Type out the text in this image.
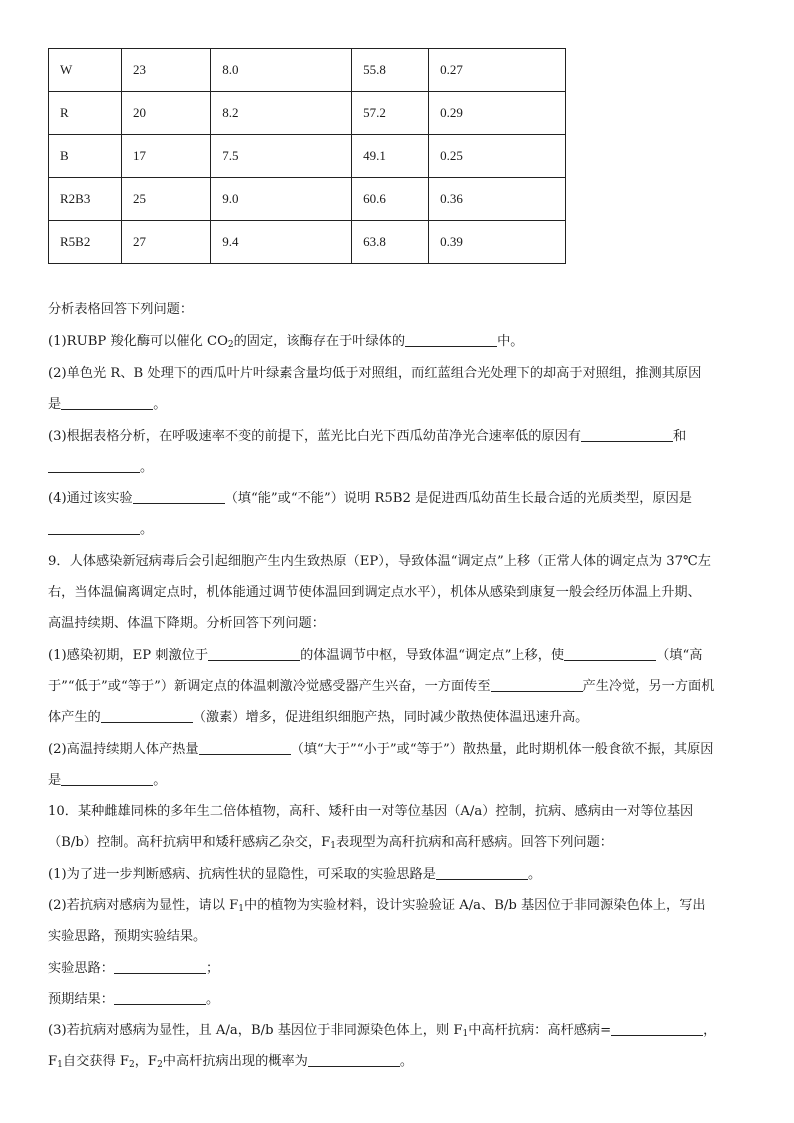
W	23	8.0	55.8	0.27
R	20	8.2	57.2	0.29
B	17	7.5	49.1	0.25
R2B3	25	9.0	60.6	0.36
R5B2	27	9.4	63.8	0.39
分析表格回答下列问题：
(1)RUBP 羧化酶可以催化 $CO_2$的固定，该酶存在于叶绿体的	中。
(2)单色光 R、B 处理下的西瓜叶片叶绿素含量均低于对照组，而红蓝组合光处理下的却高于对照组，推测其原因
是	。
(3)根据表格分析，在呼吸速率不变的前提下，蓝光比白光下西瓜幼苗净光合速率低的原因有	和
。
(4)通过该实验	（填“能”或“不能”）说明 R5B2 是促进西瓜幼苗生长最合适的光质类型，原因是
。
9．人体感染新冠病毒后会引起细胞产生内生致热原（EP），导致体温“调定点”上移（正常人体的调定点为 37℃左
右，当体温偏离调定点时，机体能通过调节使体温回到调定点水平），机体从感染到康复一般会经历体温上升期、
高温持续期、体温下降期。分析回答下列问题：
(1)感染初期，EP 刺激位于	的体温调节中枢，导致体温“调定点”上移，使	（填“高
于”“低于”或“等于”）新调定点的体温刺激冷觉感受器产生兴奋，一方面传至	产生冷觉，另一方面机
体产生的	（激素）增多，促进组织细胞产热，同时减少散热使体温迅速升高。
(2)高温持续期人体产热量	（填“大于”“小于”或“等于”）散热量，此时期机体一般食欲不振，其原因
是	。
10．某种雌雄同株的多年生二倍体植物，高秆、矮秆由一对等位基因（A/a）控制，抗病、感病由一对等位基因
（B/b）控制。高秆抗病甲和矮秆感病乙杂交，$F_1$表现型为高秆抗病和高秆感病。回答下列问题：
(1)为了进一步判断感病、抗病性状的显隐性，可采取的实验思路是	。
(2)若抗病对感病为显性，请以 $F_1$中的植物为实验材料，设计实验验证 A/a、B/b 基因位于非同源染色体上，写出
实验思路，预期实验结果。
实验思路：	；
预期结果：	。
(3)若抗病对感病为显性，且 A/a，B/b 基因位于非同源染色体上，则 $F_1$中高杆抗病：高杆感病=	，
$F_1$自交获得 $F_2$，$F_2$中高杆抗病出现的概率为	。
